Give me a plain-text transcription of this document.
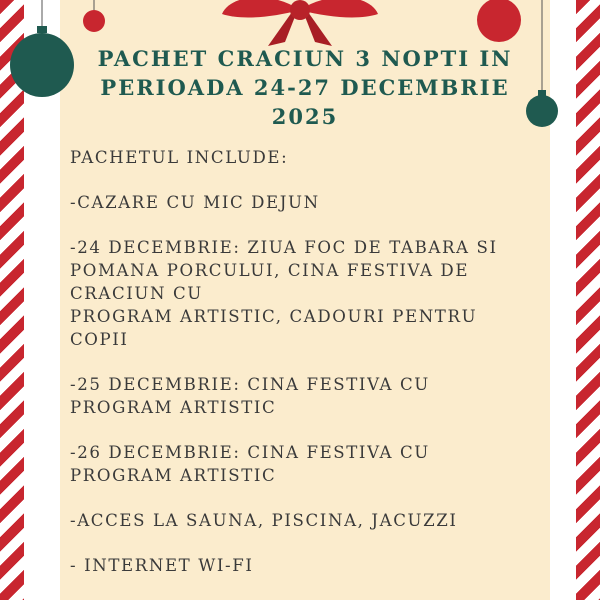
PACHET CRACIUN 3 NOPTI IN
PERIOADA 24-27 DECEMBRIE
2025

PACHETUL INCLUDE:

-CAZARE CU MIC DEJUN

-24 DECEMBRIE: ZIUA FOC DE TABARA SI
POMANA PORCULUI, CINA FESTIVA DE
CRACIUN CU
PROGRAM ARTISTIC, CADOURI PENTRU
COPII

-25 DECEMBRIE: CINA FESTIVA CU
PROGRAM ARTISTIC

-26 DECEMBRIE: CINA FESTIVA CU
PROGRAM ARTISTIC

-ACCES LA SAUNA, PISCINA, JACUZZI

- INTERNET WI-FI
